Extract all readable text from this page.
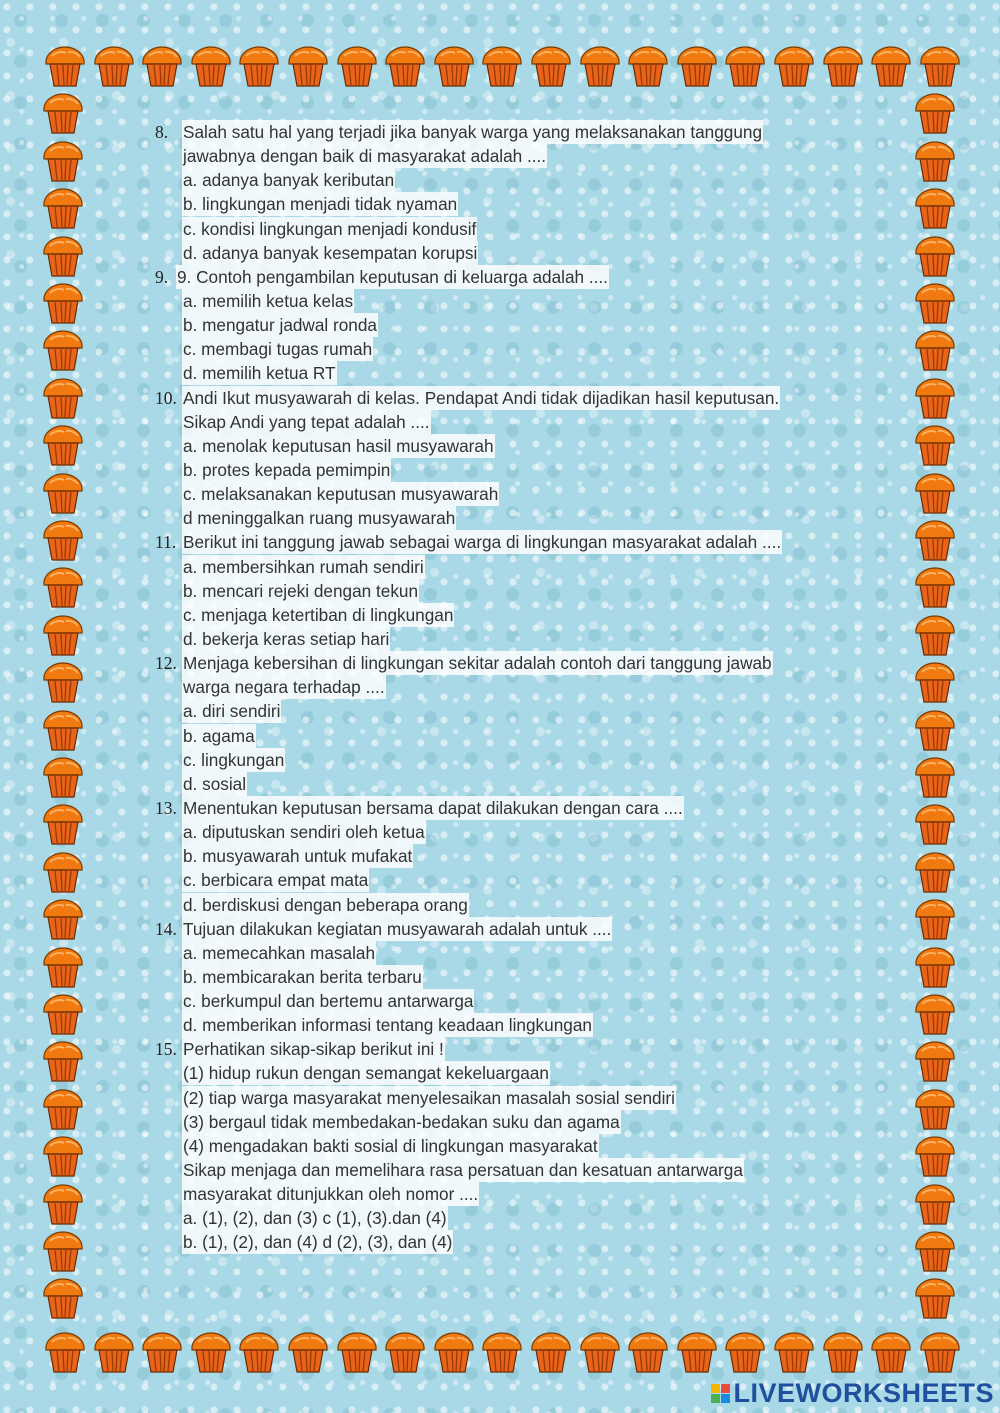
8. Salah satu hal yang terjadi jika banyak warga yang melaksanakan tanggung
jawabnya dengan baik di masyarakat adalah ....
a. adanya banyak keributan
b. lingkungan menjadi tidak nyaman
c. kondisi lingkungan menjadi kondusif
d. adanya banyak kesempatan korupsi
9. 9. Contoh pengambilan keputusan di keluarga adalah ....
a. memilih ketua kelas
b. mengatur jadwal ronda
c. membagi tugas rumah
d. memilih ketua RT
10. Andi Ikut musyawarah di kelas. Pendapat Andi tidak dijadikan hasil keputusan.
Sikap Andi yang tepat adalah ....
a. menolak keputusan hasil musyawarah
b. protes kepada pemimpin
c. melaksanakan keputusan musyawarah
d meninggalkan ruang musyawarah
11. Berikut ini tanggung jawab sebagai warga di lingkungan masyarakat adalah ....
a. membersihkan rumah sendiri
b. mencari rejeki dengan tekun
c. menjaga ketertiban di lingkungan
d. bekerja keras setiap hari
12. Menjaga kebersihan di lingkungan sekitar adalah contoh dari tanggung jawab
warga negara terhadap ....
a. diri sendiri
b. agama
c. lingkungan
d. sosial
13. Menentukan keputusan bersama dapat dilakukan dengan cara ....
a. diputuskan sendiri oleh ketua
b. musyawarah untuk mufakat
c. berbicara empat mata
d. berdiskusi dengan beberapa orang
14. Tujuan dilakukan kegiatan musyawarah adalah untuk ....
a. memecahkan masalah
b. membicarakan berita terbaru
c. berkumpul dan bertemu antarwarga
d. memberikan informasi tentang keadaan lingkungan
15. Perhatikan sikap-sikap berikut ini !
(1) hidup rukun dengan semangat kekeluargaan
(2) tiap warga masyarakat menyelesaikan masalah sosial sendiri
(3) bergaul tidak membedakan-bedakan suku dan agama
(4) mengadakan bakti sosial di lingkungan masyarakat
Sikap menjaga dan memelihara rasa persatuan dan kesatuan antarwarga
masyarakat ditunjukkan oleh nomor ....
a. (1), (2), dan (3) c (1), (3).dan (4)
b. (1), (2), dan (4) d (2), (3), dan (4)
LIVEWORKSHEETS
